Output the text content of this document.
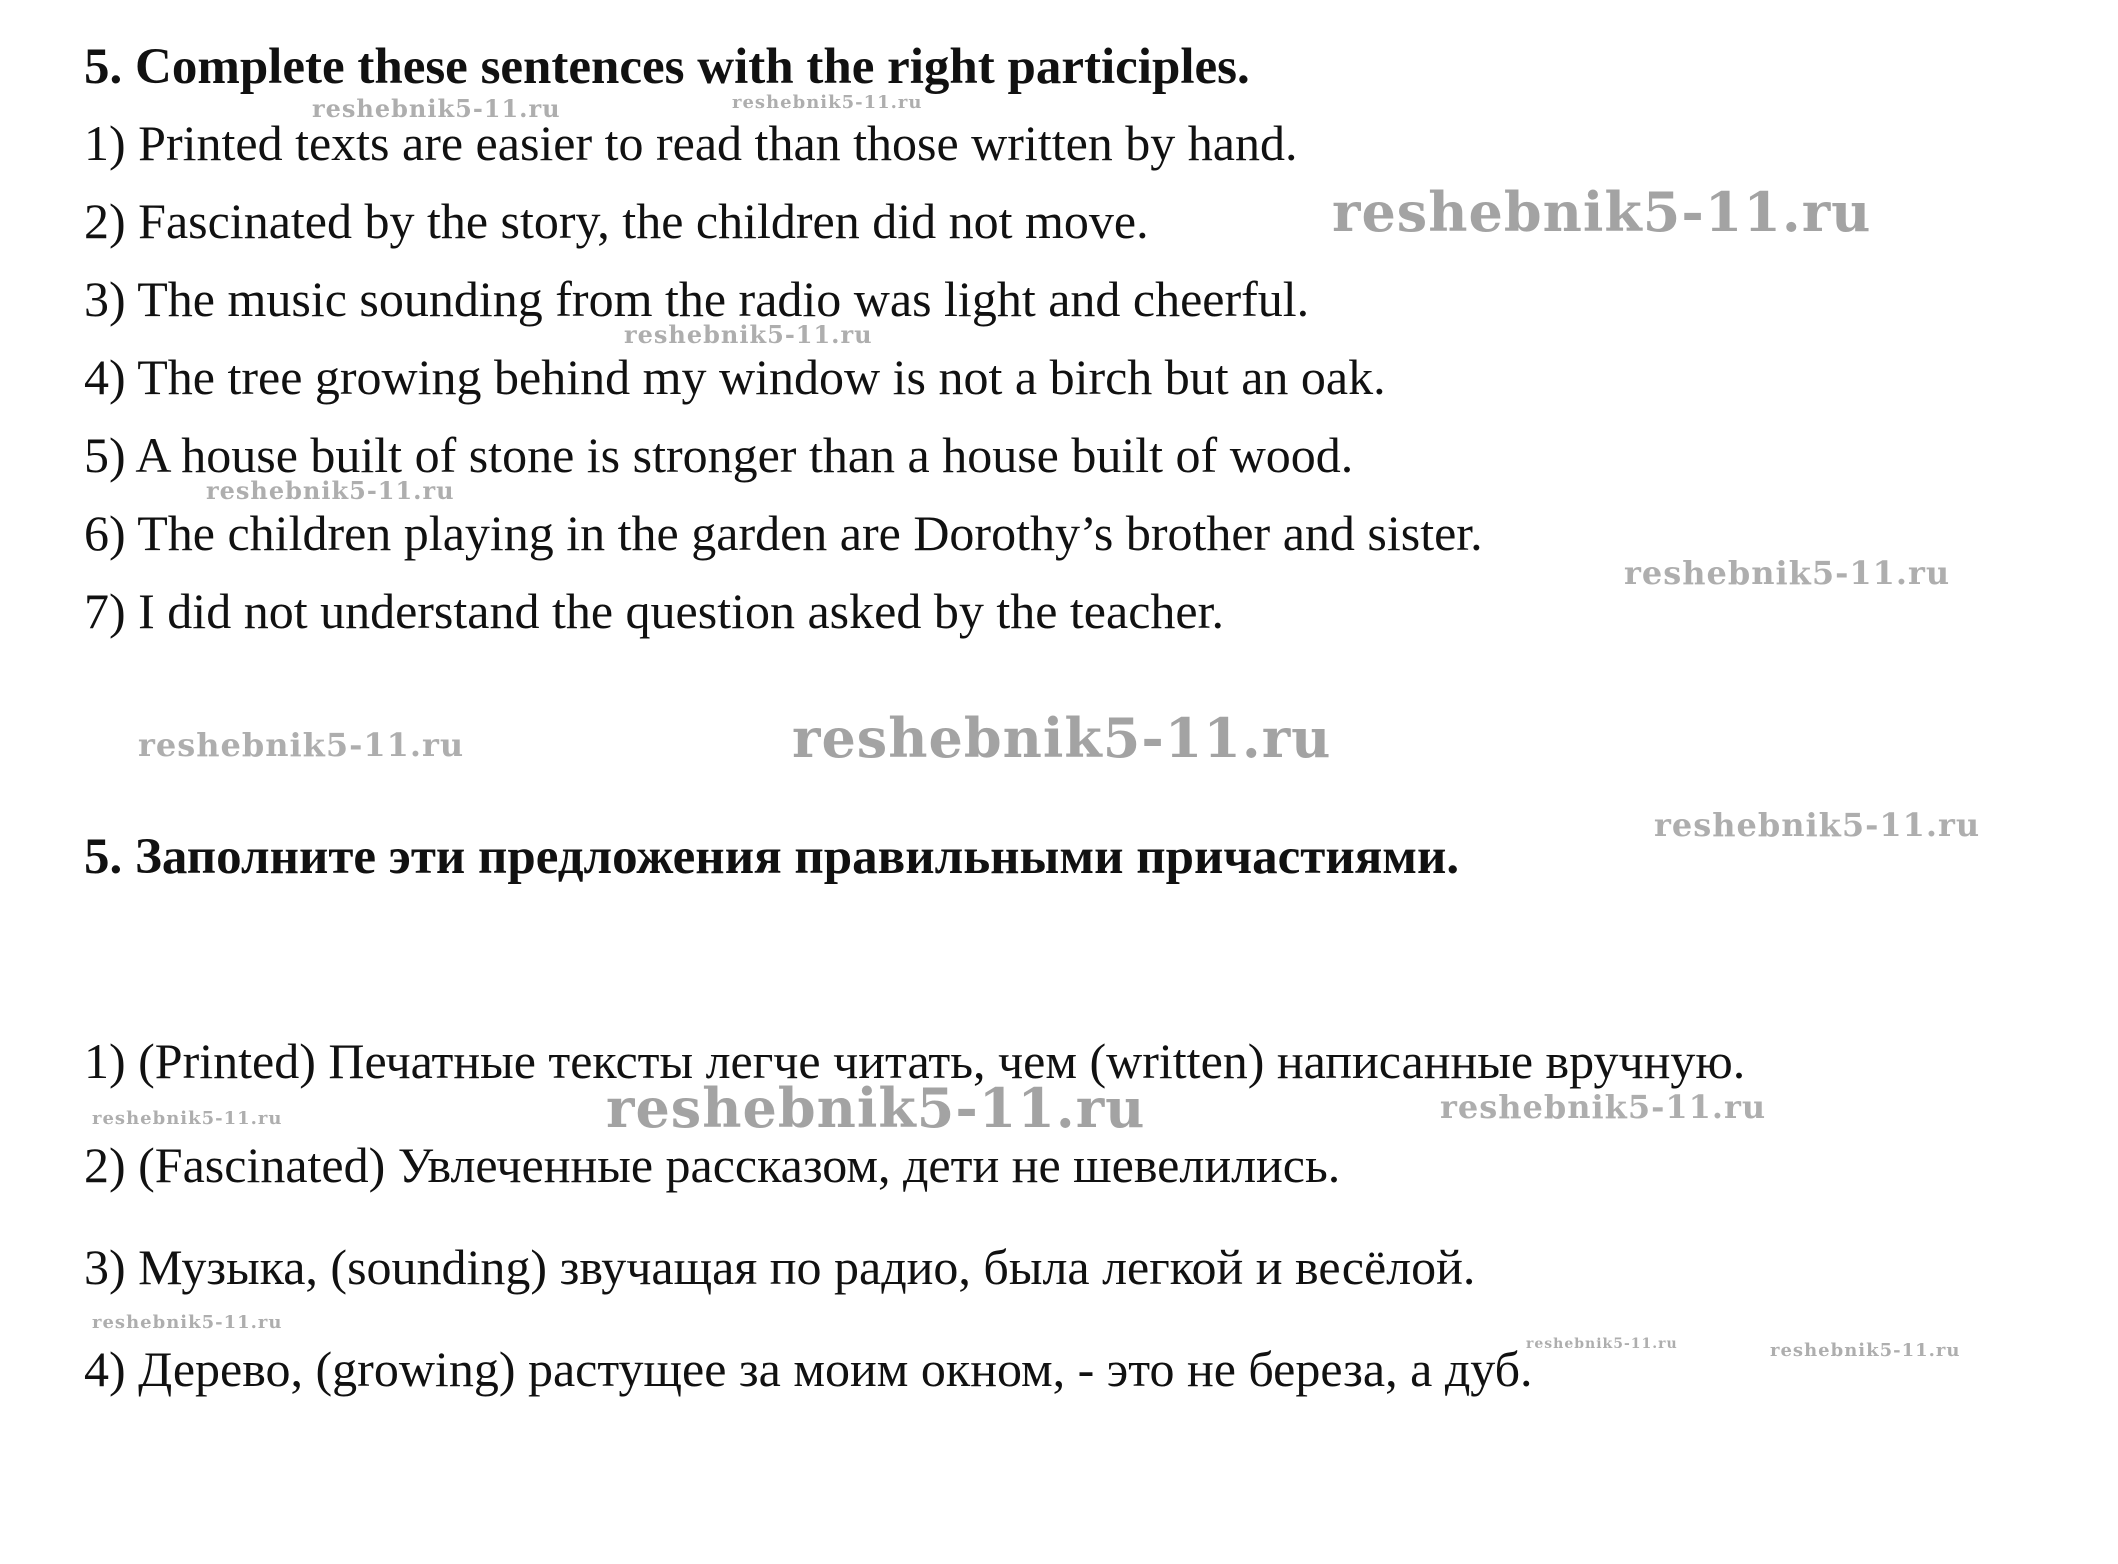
5. Complete these sentences with the right participles.
1) Printed texts are easier to read than those written by hand.
2) Fascinated by the story, the children did not move.
3) The music sounding from the radio was light and cheerful.
4) The tree growing behind my window is not a birch but an oak.
5) A house built of stone is stronger than a house built of wood.
6) The children playing in the garden are Dorothy’s brother and sister.
7) I did not understand the question asked by the teacher.
5. Заполните эти предложения правильными причастиями.
1) (Printed) Печатные тексты легче читать, чем (written) написанные вручную.
2) (Fascinated) Увлеченные рассказом, дети не шевелились.
3) Музыка, (sounding) звучащая по радио, была легкой и весёлой.
4) Дерево, (growing) растущее за моим окном, - это не береза, а дуб.
reshebnik5-11.ru	reshebnik5-11.ru
reshebnik5-11.ru
reshebnik5-11.ru
reshebnik5-11.ru
reshebnik5-11.ru
reshebnik5-11.ru	reshebnik5-11.ru
reshebnik5-11.ru
reshebnik5-11.ru
reshebnik5-11.ru	reshebnik5-11.ru
reshebnik5-11.ru
reshebnik5-11.ru	reshebnik5-11.ru
